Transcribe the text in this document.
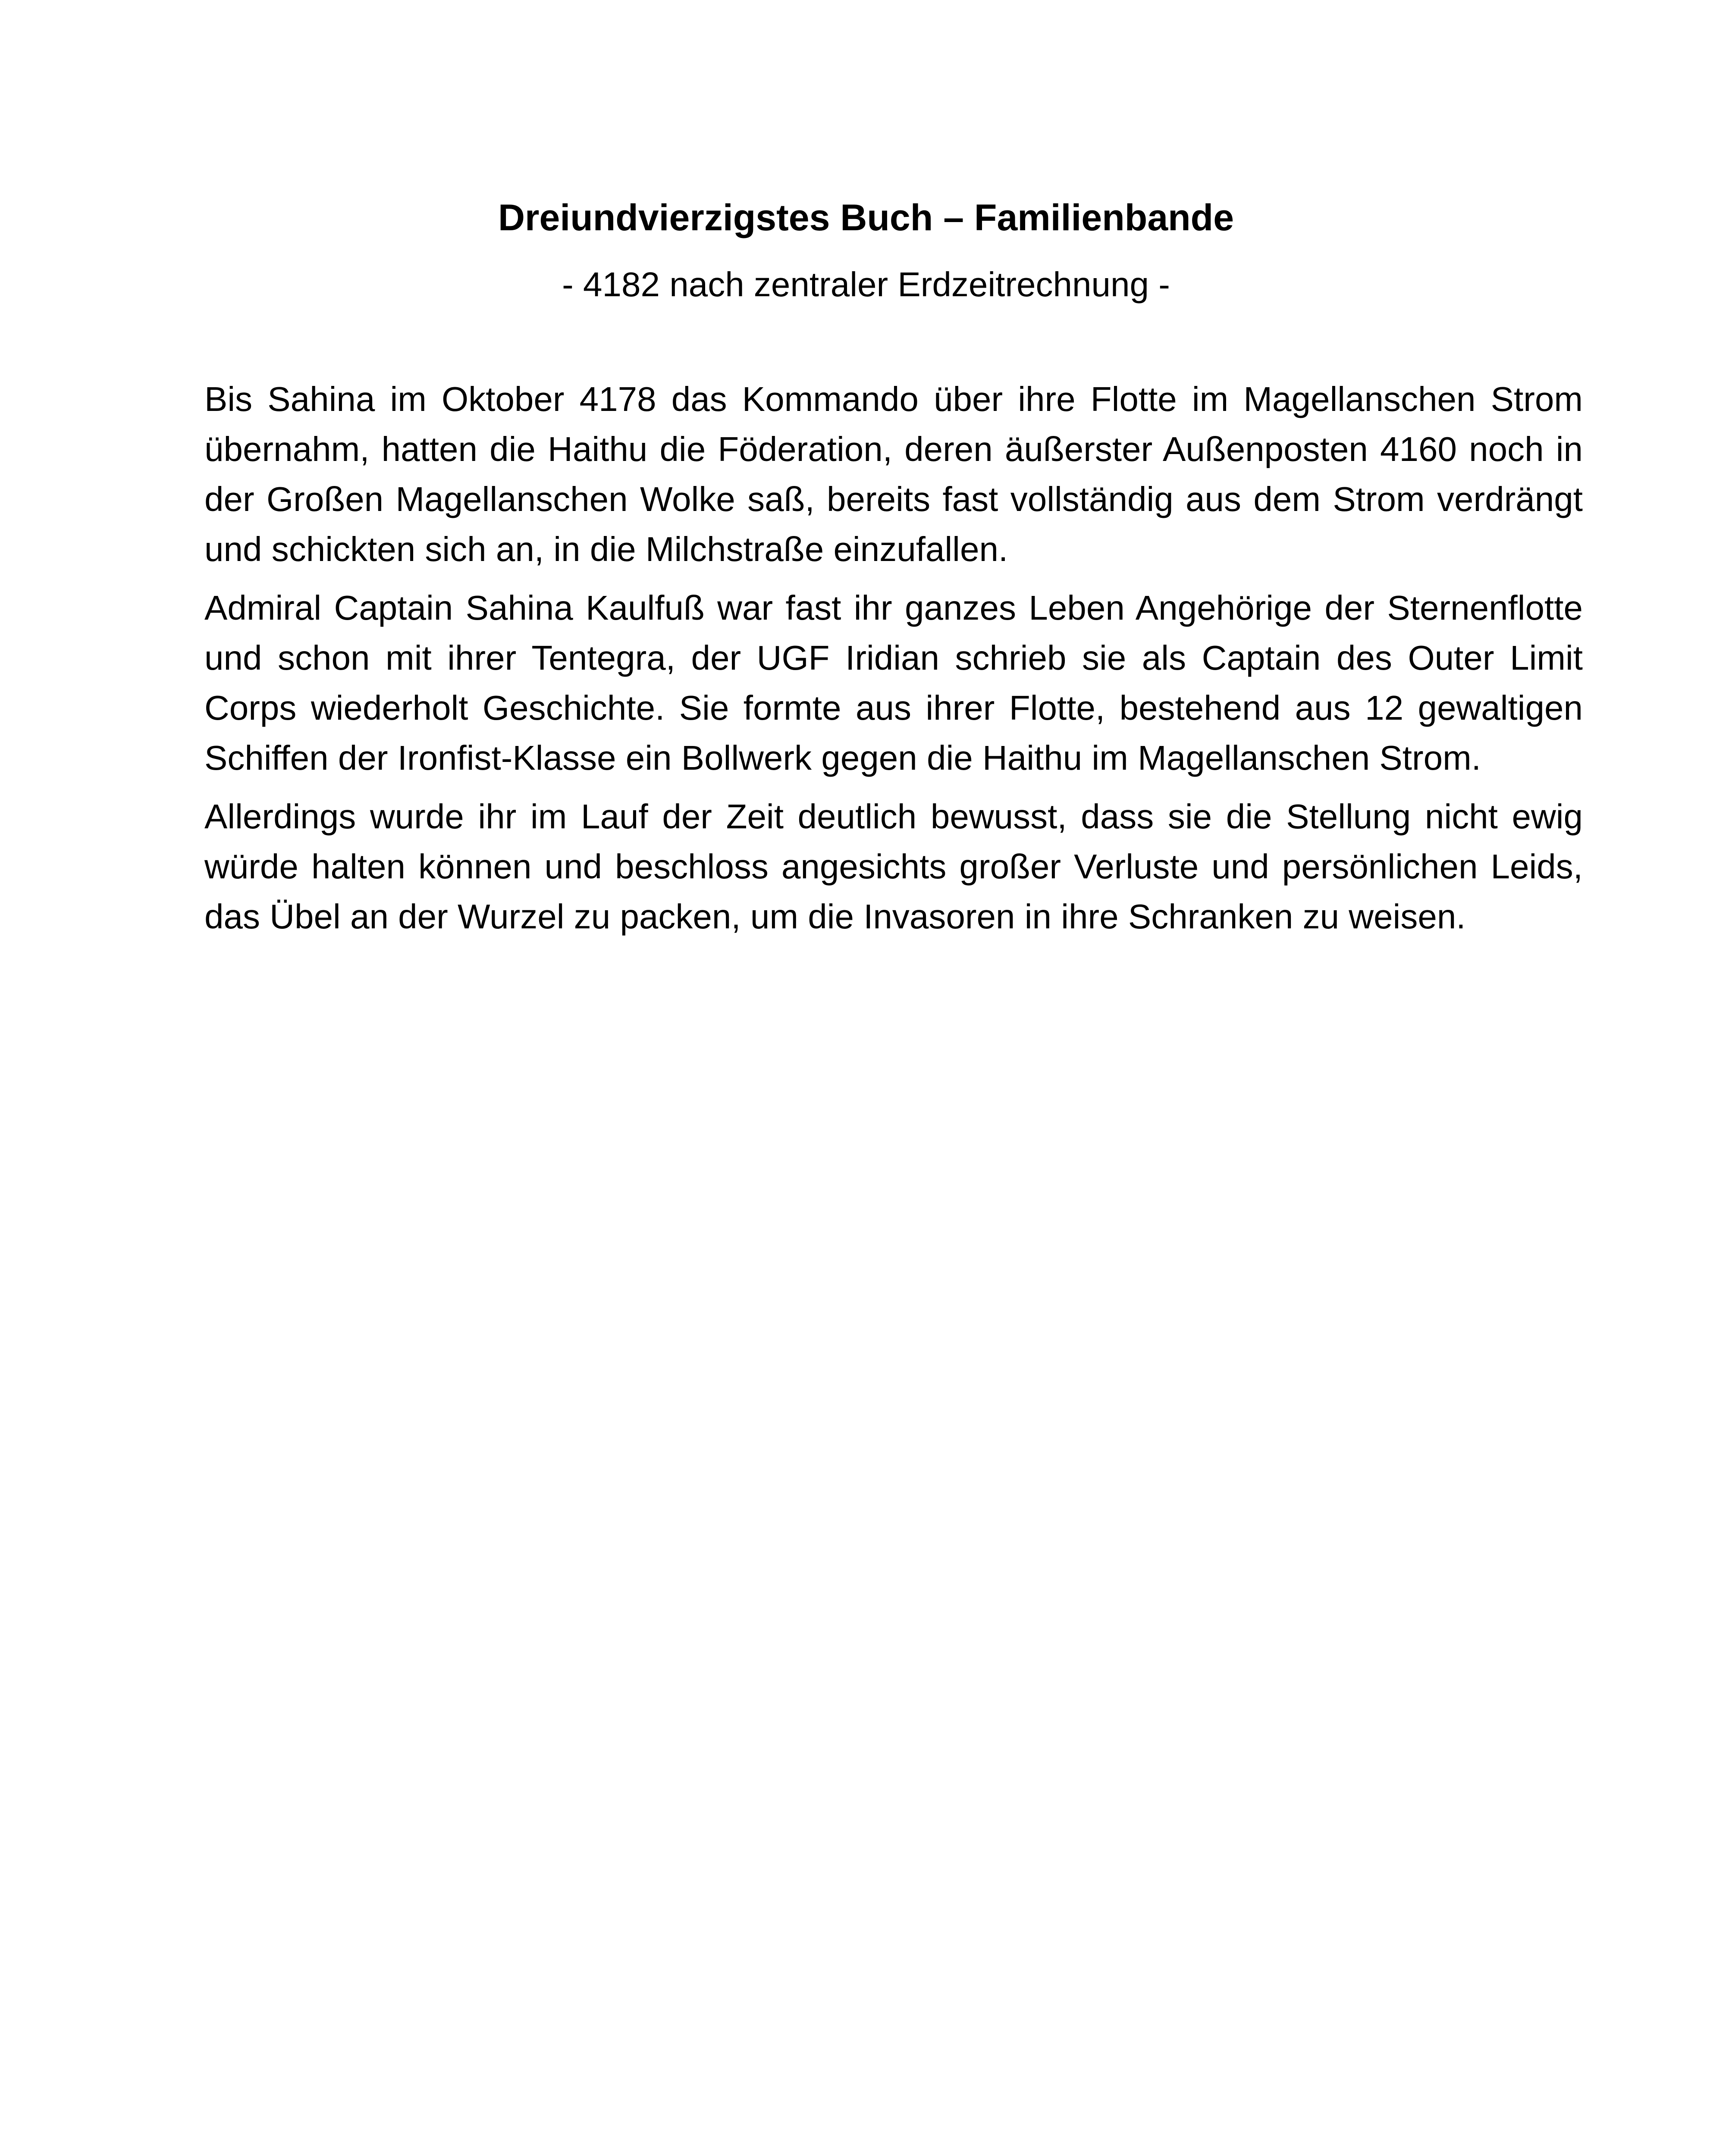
Dreiundvierzigstes Buch – Familienbande

- 4182 nach zentraler Erdzeitrechnung -

Bis Sahina im Oktober 4178 das Kommando über ihre Flotte im Magellanschen Strom übernahm, hatten die Haithu die Föderation, deren äußerster Außenposten 4160 noch in der Großen Magellanschen Wolke saß, bereits fast vollständig aus dem Strom verdrängt und schickten sich an, in die Milchstraße einzufallen.

Admiral Captain Sahina Kaulfuß war fast ihr ganzes Leben Angehörige der Sternenflotte und schon mit ihrer Tentegra, der UGF Iridian schrieb sie als Captain des Outer Limit Corps wiederholt Geschichte. Sie formte aus ihrer Flotte, bestehend aus 12 gewaltigen Schiffen der Ironfist-Klasse ein Bollwerk gegen die Haithu im Magellanschen Strom.

Allerdings wurde ihr im Lauf der Zeit deutlich bewusst, dass sie die Stellung nicht ewig würde halten können und beschloss angesichts großer Verluste und persönlichen Leids, das Übel an der Wurzel zu packen, um die Invasoren in ihre Schranken zu weisen.
